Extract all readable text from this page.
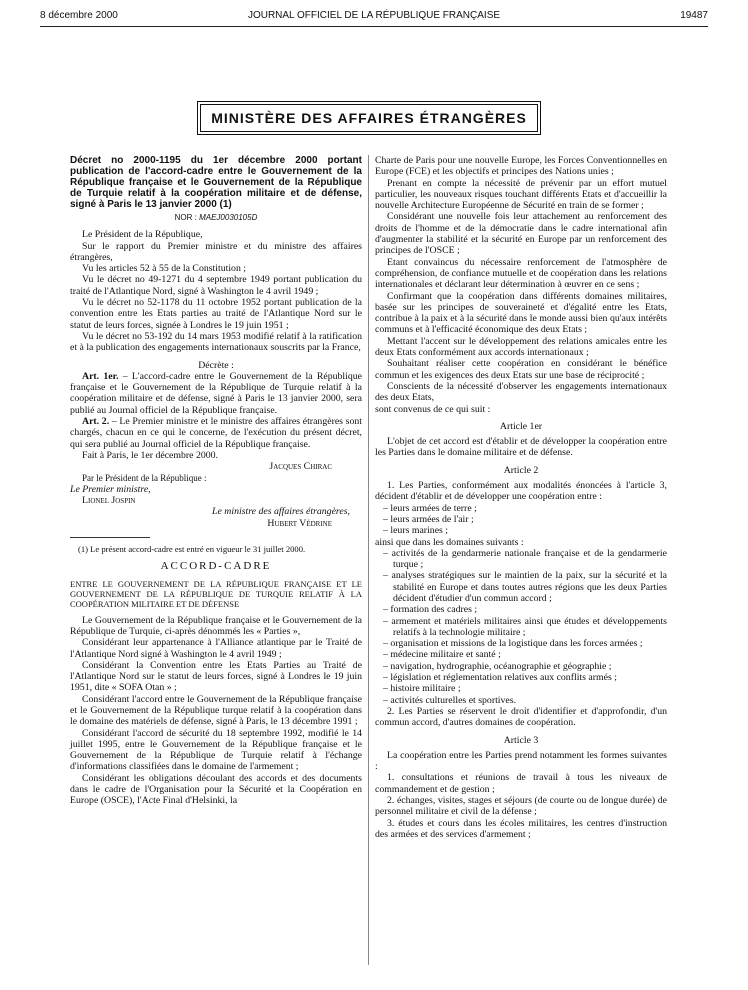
8 décembre 2000	JOURNAL OFFICIEL DE LA RÉPUBLIQUE FRANÇAISE	19487
MINISTÈRE DES AFFAIRES ÉTRANGÈRES

Décret no 2000-1195 du 1er décembre 2000 portant publication de l'accord-cadre entre le Gouvernement de la République française et le Gouvernement de la République de Turquie relatif à la coopération militaire et de défense, signé à Paris le 13 janvier 2000 (1)

NOR : MAEJ0030105D

Le Président de la République,

Sur le rapport du Premier ministre et du ministre des affaires étrangères,

Vu les articles 52 à 55 de la Constitution ;

Vu le décret no 49-1271 du 4 septembre 1949 portant publication du traité de l'Atlantique Nord, signé à Washington le 4 avril 1949 ;

Vu le décret no 52-1178 du 11 octobre 1952 portant publication de la convention entre les Etats parties au traité de l'Atlantique Nord sur le statut de leurs forces, signée à Londres le 19 juin 1951 ;

Vu le décret no 53-192 du 14 mars 1953 modifié relatif à la ratification et à la publication des engagements internationaux souscrits par la France,

Décrète :

Art. 1er. – L'accord-cadre entre le Gouvernement de la République française et le Gouvernement de la République de Turquie relatif à la coopération militaire et de défense, signé à Paris le 13 janvier 2000, sera publié au Journal officiel de la République française.

Art. 2. – Le Premier ministre et le ministre des affaires étrangères sont chargés, chacun en ce qui le concerne, de l'exécution du présent décret, qui sera publié au Journal officiel de la République française.

Fait à Paris, le 1er décembre 2000.

Jacques Chirac

Par le Président de la République :

Le Premier ministre,

Lionel Jospin

Le ministre des affaires étrangères,

Hubert Védrine

(1) Le présent accord-cadre est entré en vigueur le 31 juillet 2000.

ACCORD-CADRE

ENTRE LE GOUVERNEMENT DE LA RÉPUBLIQUE FRANÇAISE ET LE GOUVERNEMENT DE LA RÉPUBLIQUE DE TURQUIE RELATIF À LA COOPÉRATION MILITAIRE ET DE DÉFENSE

Le Gouvernement de la République française et le Gouvernement de la République de Turquie, ci-après dénommés les « Parties »,

Considérant leur appartenance à l'Alliance atlantique par le Traité de l'Atlantique Nord signé à Washington le 4 avril 1949 ;

Considérant la Convention entre les Etats Parties au Traité de l'Atlantique Nord sur le statut de leurs forces, signé à Londres le 19 juin 1951, dite « SOFA Otan » ;

Considérant l'accord entre le Gouvernement de la République française et le Gouvernement de la République turque relatif à la coopération dans le domaine des matériels de défense, signé à Paris, le 13 décembre 1991 ;

Considérant l'accord de sécurité du 18 septembre 1992, modifié le 14 juillet 1995, entre le Gouvernement de la République française et le Gouvernement de la République de Turquie relatif à l'échange d'informations classifiées dans le domaine de l'armement ;

Considérant les obligations découlant des accords et des documents dans le cadre de l'Organisation pour la Sécurité et la Coopération en Europe (OSCE), l'Acte Final d'Helsinki, la

Charte de Paris pour une nouvelle Europe, les Forces Conventionnelles en Europe (FCE) et les objectifs et principes des Nations unies ;

Prenant en compte la nécessité de prévenir par un effort mutuel particulier, les nouveaux risques touchant différents Etats et d'accueillir la nouvelle Architecture Européenne de Sécurité en train de se former ;

Considérant une nouvelle fois leur attachement au renforcement des droits de l'homme et de la démocratie dans le cadre international afin d'augmenter la stabilité et la sécurité en Europe par un renforcement des principes de l'OSCE ;

Etant convaincus du nécessaire renforcement de l'atmosphère de compréhension, de confiance mutuelle et de coopération dans les relations internationales et déclarant leur détermination à œuvrer en ce sens ;

Confirmant que la coopération dans différents domaines militaires, basée sur les principes de souveraineté et d'égalité entre les Etats, contribue à la paix et à la sécurité dans le monde aussi bien qu'aux intérêts communs et à l'efficacité économique des deux Etats ;

Mettant l'accent sur le développement des relations amicales entre les deux Etats conformément aux accords internationaux ;

Souhaitant réaliser cette coopération en considérant le bénéfice commun et les exigences des deux Etats sur une base de réciprocité ;

Conscients de la nécessité d'observer les engagements internationaux des deux Etats,

sont convenus de ce qui suit :

Article 1er

L'objet de cet accord est d'établir et de développer la coopération entre les Parties dans le domaine militaire et de défense.

Article 2

1. Les Parties, conformément aux modalités énoncées à l'article 3, décident d'établir et de développer une coopération entre :

– leurs armées de terre ;

– leurs armées de l'air ;

– leurs marines ;

ainsi que dans les domaines suivants :

– activités de la gendarmerie nationale française et de la gendarmerie turque ;

– analyses stratégiques sur le maintien de la paix, sur la sécurité et la stabilité en Europe et dans toutes autres régions que les deux Parties décident d'étudier d'un commun accord ;

– formation des cadres ;

– armement et matériels militaires ainsi que études et développements relatifs à la technologie militaire ;

– organisation et missions de la logistique dans les forces armées ;

– médecine militaire et santé ;

– navigation, hydrographie, océanographie et géographie ;

– législation et réglementation relatives aux conflits armés ;

– histoire militaire ;

– activités culturelles et sportives.

2. Les Parties se réservent le droit d'identifier et d'approfondir, d'un commun accord, d'autres domaines de coopération.

Article 3

La coopération entre les Parties prend notamment les formes suivantes :

1. consultations et réunions de travail à tous les niveaux de commandement et de gestion ;

2. échanges, visites, stages et séjours (de courte ou de longue durée) de personnel militaire et civil de la défense ;

3. études et cours dans les écoles militaires, les centres d'instruction des armées et des services d'armement ;
